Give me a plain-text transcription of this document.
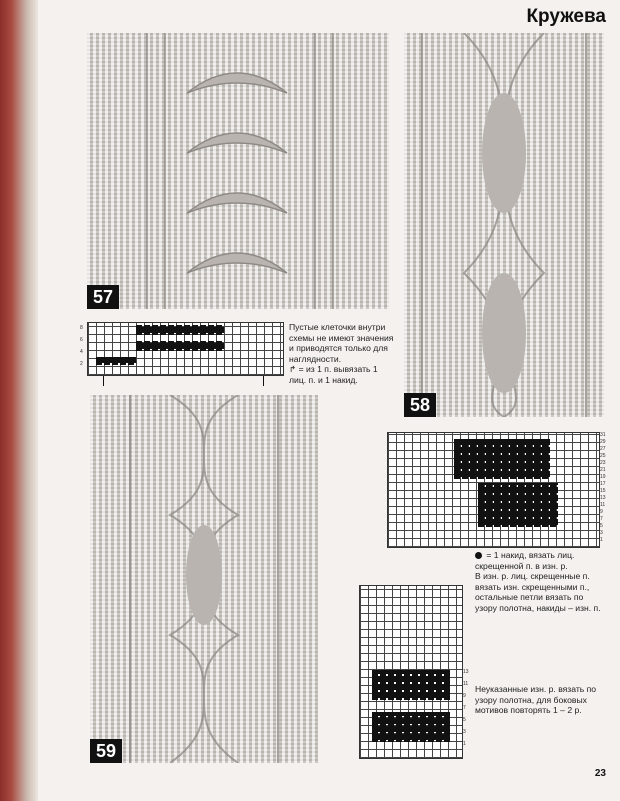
Кружева
57
58
59
8
6
4
2

Пустые клеточки внутри схемы не имеют значения и приводятся только для наглядности.
↱ = из 1 п. вывязать 1 лиц. п. и 1 накид.

31
29
27
25
23
21
19
17
15
13
11
9
7
5
3
1
= 1 накид, вязать лиц. скрещенной п. в изн. р.
В изн. р. лиц. скрещенные п. вязать изн. скрещенными п., остальные петли вязать по узору полотна, накиды – изн. п.
13
11
9
7
5
3
1

Неуказанные изн. р. вязать по узору полотна, для боковых мотивов повторять 1 – 2 р.

23
